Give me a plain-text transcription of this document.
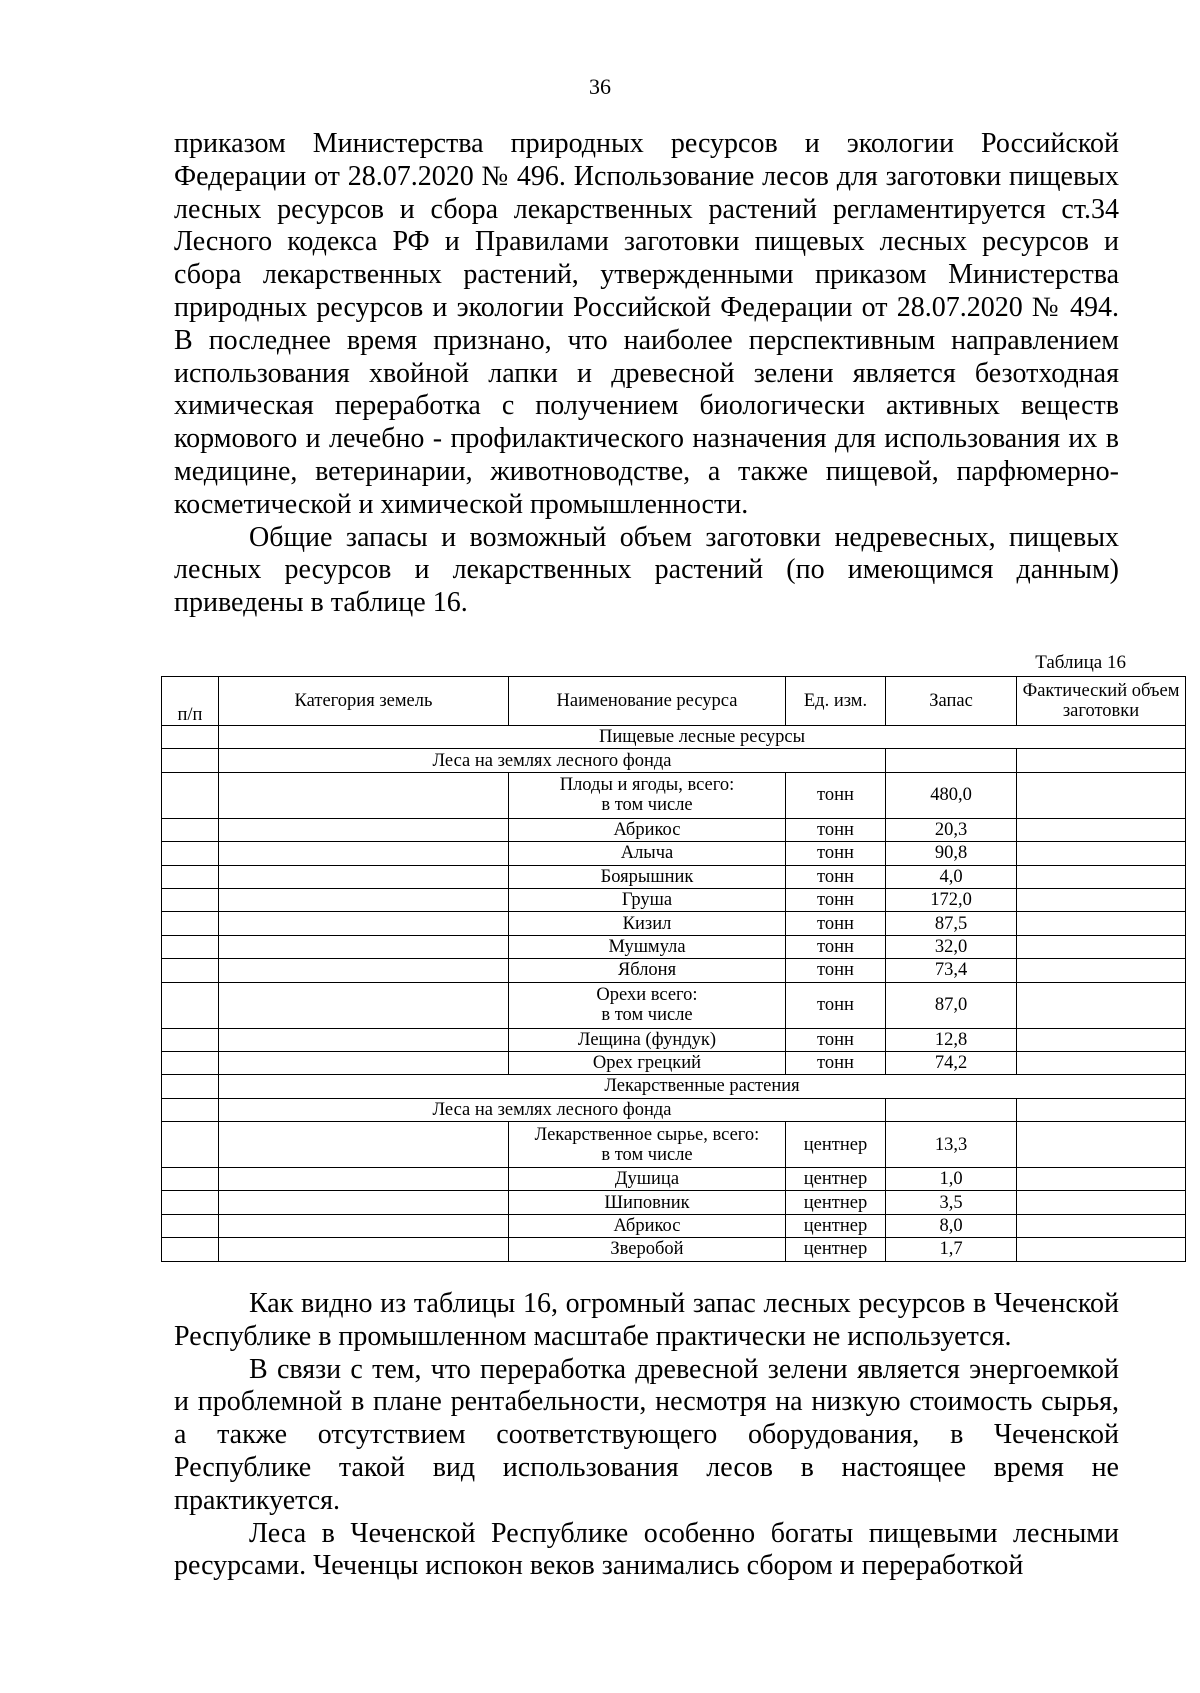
36

приказом Министерства природных ресурсов и экологии Российской Федерации от 28.07.2020 № 496. Использование лесов для заготовки пищевых лесных ресурсов и сбора лекарственных растений регламентируется ст.34 Лесного кодекса РФ и Правилами заготовки пищевых лесных ресурсов и сбора лекарственных растений, утвержденными приказом Министерства природных ресурсов и экологии Российской Федерации от 28.07.2020 № 494. В последнее время признано, что наиболее перспективным направлением использования хвойной лапки и древесной зелени является безотходная химическая переработка с получением биологически активных веществ кормового и лечебно - профилактического назначения для использования их в медицине, ветеринарии, животноводстве, а также пищевой, парфюмерно-косметической и химической промышленности.

Общие запасы и возможный объем заготовки недревесных, пищевых лесных ресурсов и лекарственных растений (по имеющимся данным) приведены в таблице 16.

Таблица 16
п/п	Категория земель	Наименование ресурса	Ед. изм.	Запас	Фактический объем заготовки
	Пищевые лесные ресурсы				
	Леса на землях лесного фонда				

		Плоды и ягоды, всего:
в том числе	тонн	480,0	

		Абрикос	тонн	20,3	

		Алыча	тонн	90,8	

		Боярышник	тонн	4,0	

		Груша	тонн	172,0	

		Кизил	тонн	87,5	

		Мушмула	тонн	32,0	

		Яблоня	тонн	73,4	

		Орехи всего:
в том числе	тонн	87,0	

		Лещина (фундук)	тонн	12,8	

		Орех грецкий	тонн	74,2	
	Лекарственные растения				
	Леса на землях лесного фонда				

		Лекарственное сырье, всего:
в том числе	центнер	13,3	

		Душица	центнер	1,0	

		Шиповник	центнер	3,5	

		Абрикос	центнер	8,0	

		Зверобой	центнер	1,7	

Как видно из таблицы 16, огромный запас лесных ресурсов в Чеченской Республике в промышленном масштабе практически не используется.

В связи с тем, что переработка древесной зелени является энергоемкой и проблемной в плане рентабельности, несмотря на низкую стоимость сырья, а также отсутствием соответствующего оборудования, в Чеченской Республике такой вид использования лесов в настоящее время не практикуется.

Леса в Чеченской Республике особенно богаты пищевыми лесными ресурсами. Чеченцы испокон веков занимались сбором и переработкой
